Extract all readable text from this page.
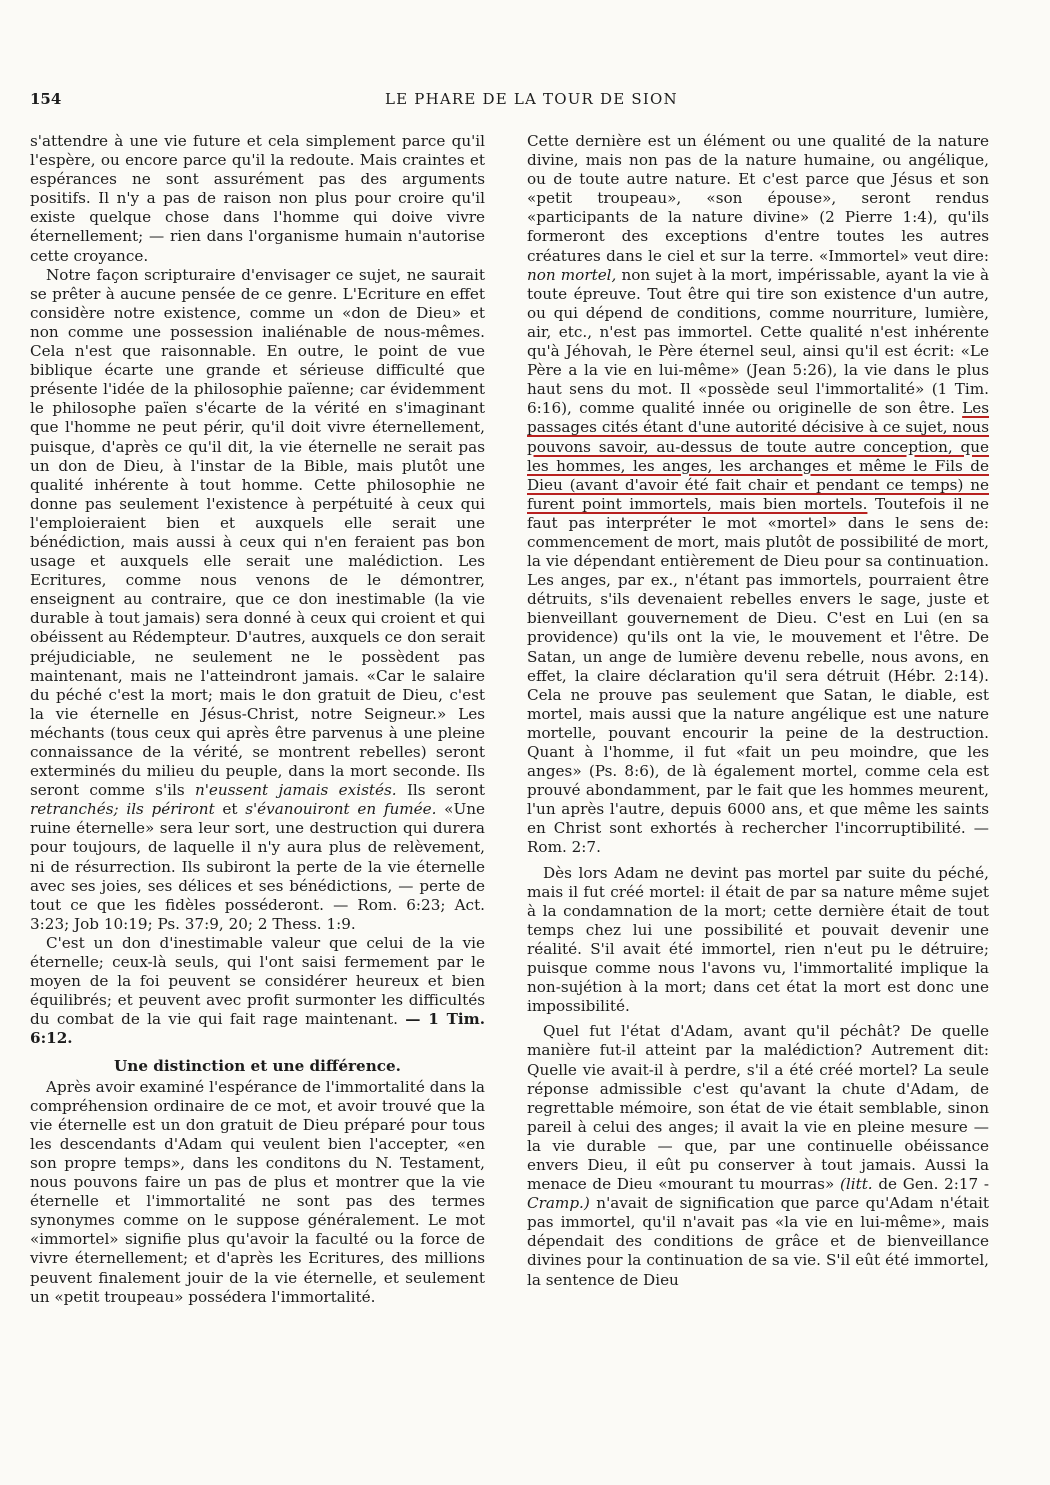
154	LE PHARE DE LA TOUR DE SION

s'attendre à une vie future et cela simplement parce qu'il l'espère, ou encore parce qu'il la redoute. Mais craintes et espérances ne sont assurément pas des arguments positifs. Il n'y a pas de raison non plus pour croire qu'il existe quelque chose dans l'homme qui doive vivre éternellement; — rien dans l'organisme humain n'autorise cette croyance.

Notre façon scripturaire d'envisager ce sujet, ne saurait se prêter à aucune pensée de ce genre. L'Ecriture en effet considère notre existence, comme un «don de Dieu» et non comme une possession inaliénable de nous-mêmes. Cela n'est que raisonnable. En outre, le point de vue biblique écarte une grande et sérieuse difficulté que présente l'idée de la philosophie païenne; car évidemment le philosophe païen s'écarte de la vérité en s'imaginant que l'homme ne peut périr, qu'il doit vivre éternellement, puisque, d'après ce qu'il dit, la vie éternelle ne serait pas un don de Dieu, à l'instar de la Bible, mais plutôt une qualité inhérente à tout homme. Cette philosophie ne donne pas seulement l'existence à perpétuité à ceux qui l'emploieraient bien et auxquels elle serait une bénédiction, mais aussi à ceux qui n'en feraient pas bon usage et auxquels elle serait une malédiction. Les Ecritures, comme nous venons de le démontrer, enseignent au contraire, que ce don inestimable (la vie durable à tout jamais) sera donné à ceux qui croient et qui obéissent au Rédempteur. D'autres, auxquels ce don serait préjudiciable, ne seulement ne le possèdent pas maintenant, mais ne l'atteindront jamais. «Car le salaire du péché c'est la mort; mais le don gratuit de Dieu, c'est la vie éternelle en Jésus-Christ, notre Seigneur.» Les méchants (tous ceux qui après être parvenus à une pleine connaissance de la vérité, se montrent rebelles) seront exterminés du milieu du peuple, dans la mort seconde. Ils seront comme s'ils n'eussent jamais existés. Ils seront retranchés; ils périront et s'évanouiront en fumée. «Une ruine éternelle» sera leur sort, une destruction qui durera pour toujours, de laquelle il n'y aura plus de relèvement, ni de résurrection. Ils subiront la perte de la vie éternelle avec ses joies, ses délices et ses bénédictions, — perte de tout ce que les fidèles posséderont. — Rom. 6:23; Act. 3:23; Job 10:19; Ps. 37:9, 20; 2 Thess. 1:9.

C'est un don d'inestimable valeur que celui de la vie éternelle; ceux-là seuls, qui l'ont saisi fermement par le moyen de la foi peuvent se considérer heureux et bien équilibrés; et peuvent avec profit surmonter les difficultés du combat de la vie qui fait rage maintenant. — 1 Tim. 6:12.

Une distinction et une différence.

Après avoir examiné l'espérance de l'immortalité dans la compréhension ordinaire de ce mot, et avoir trouvé que la vie éternelle est un don gratuit de Dieu préparé pour tous les descendants d'Adam qui veulent bien l'accepter, «en son propre temps», dans les conditons du N. Testament, nous pouvons faire un pas de plus et montrer que la vie éternelle et l'immortalité ne sont pas des termes synonymes comme on le suppose généralement. Le mot «immortel» signifie plus qu'avoir la faculté ou la force de vivre éternellement; et d'après les Ecritures, des millions peuvent finalement jouir de la vie éternelle, et seulement un «petit troupeau» possédera l'immortalité.

Cette dernière est un élément ou une qualité de la nature divine, mais non pas de la nature humaine, ou angélique, ou de toute autre nature. Et c'est parce que Jésus et son «petit troupeau», «son épouse», seront rendus «participants de la nature divine» (2 Pierre 1:4), qu'ils formeront des exceptions d'entre toutes les autres créatures dans le ciel et sur la terre. «Immortel» veut dire: non mortel, non sujet à la mort, impérissable, ayant la vie à toute épreuve. Tout être qui tire son existence d'un autre, ou qui dépend de conditions, comme nourriture, lumière, air, etc., n'est pas immortel. Cette qualité n'est inhérente qu'à Jéhovah, le Père éternel seul, ainsi qu'il est écrit: «Le Père a la vie en lui-même» (Jean 5:26), la vie dans le plus haut sens du mot. Il «possède seul l'immortalité» (1 Tim. 6:16), comme qualité innée ou originelle de son être. Les passages cités étant d'une autorité décisive à ce sujet, nous pouvons savoir, au-dessus de toute autre conception, que les hommes, les anges, les archanges et même le Fils de Dieu (avant d'avoir été fait chair et pendant ce temps) ne furent point immortels, mais bien mortels. Toutefois il ne faut pas interpréter le mot «mortel» dans le sens de: commencement de mort, mais plutôt de possibilité de mort, la vie dépendant entièrement de Dieu pour sa continuation. Les anges, par ex., n'étant pas immortels, pourraient être détruits, s'ils devenaient rebelles envers le sage, juste et bienveillant gouvernement de Dieu. C'est en Lui (en sa providence) qu'ils ont la vie, le mouvement et l'être. De Satan, un ange de lumière devenu rebelle, nous avons, en effet, la claire déclaration qu'il sera détruit (Hébr. 2:14). Cela ne prouve pas seulement que Satan, le diable, est mortel, mais aussi que la nature angélique est une nature mortelle, pouvant encourir la peine de la destruction. Quant à l'homme, il fut «fait un peu moindre, que les anges» (Ps. 8:6), de là également mortel, comme cela est prouvé abondamment, par le fait que les hommes meurent, l'un après l'autre, depuis 6000 ans, et que même les saints en Christ sont exhortés à rechercher l'incorruptibilité. — Rom. 2:7.

Dès lors Adam ne devint pas mortel par suite du péché, mais il fut créé mortel: il était de par sa nature même sujet à la condamnation de la mort; cette dernière était de tout temps chez lui une possibilité et pouvait devenir une réalité. S'il avait été immortel, rien n'eut pu le détruire; puisque comme nous l'avons vu, l'immortalité implique la non-sujétion à la mort; dans cet état la mort est donc une impossibilité.

Quel fut l'état d'Adam, avant qu'il péchât? De quelle manière fut-il atteint par la malédiction? Autrement dit: Quelle vie avait-il à perdre, s'il a été créé mortel? La seule réponse admissible c'est qu'avant la chute d'Adam, de regrettable mémoire, son état de vie était semblable, sinon pareil à celui des anges; il avait la vie en pleine mesure — la vie durable — que, par une continuelle obéissance envers Dieu, il eût pu conserver à tout jamais. Aussi la menace de Dieu «mourant tu mourras» (litt. de Gen. 2:17 - Cramp.) n'avait de signification que parce qu'Adam n'était pas immortel, qu'il n'avait pas «la vie en lui-même», mais dépendait des conditions de grâce et de bienveillance divines pour la continuation de sa vie. S'il eût été immortel, la sentence de Dieu
